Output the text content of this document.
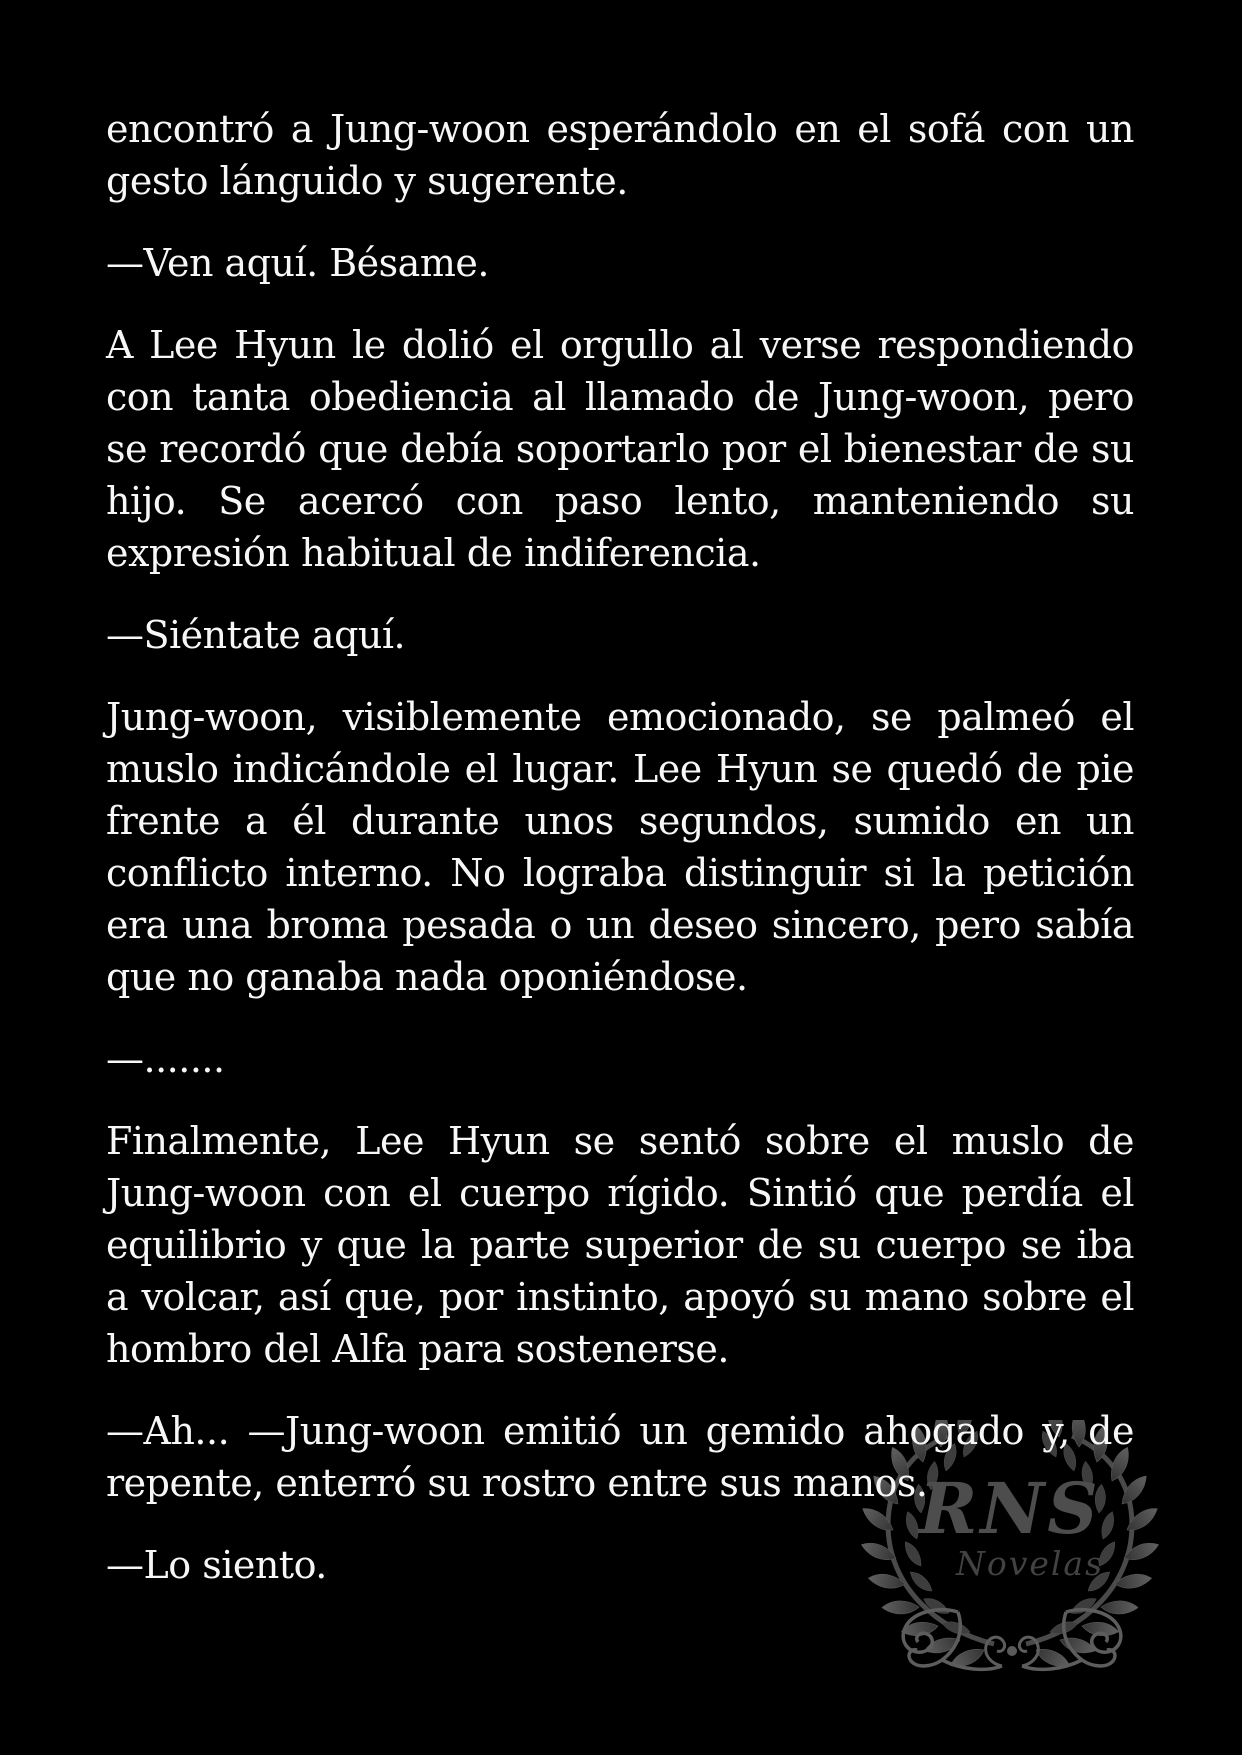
RNS
Novelas

encontró a Jung-woon esperándolo en el sofá con un gesto lánguido y sugerente.

—Ven aquí. Bésame.

A Lee Hyun le dolió el orgullo al verse respondiendo con tanta obediencia al llamado de Jung-woon, pero se recordó que debía soportarlo por el bienestar de su hijo. Se acercó con paso lento, manteniendo su expresión habitual de indiferencia.

—Siéntate aquí.

Jung-woon, visiblemente emocionado, se palmeó el muslo indicándole el lugar. Lee Hyun se quedó de pie frente a él durante unos segundos, sumido en un conflicto interno. No lograba distinguir si la petición era una broma pesada o un deseo sincero, pero sabía que no ganaba nada oponiéndose.

—.......

Finalmente, Lee Hyun se sentó sobre el muslo de Jung-woon con el cuerpo rígido. Sintió que perdía el equilibrio y que la parte superior de su cuerpo se iba a volcar, así que, por instinto, apoyó su mano sobre el hombro del Alfa para sostenerse.

—Ah... —Jung-woon emitió un gemido ahogado y, de repente, enterró su rostro entre sus manos.

—Lo siento.
